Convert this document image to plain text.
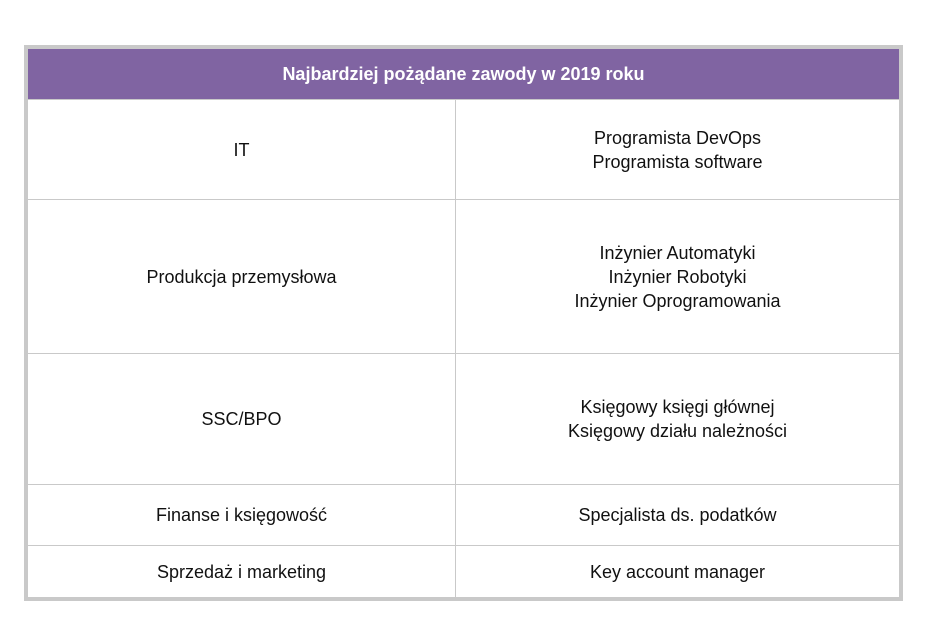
Najbardziej pożądane zawody w 2019 roku
IT
Programista DevOps
Programista software
Produkcja przemysłowa
Inżynier Automatyki
Inżynier Robotyki
Inżynier Oprogramowania
SSC/BPO
Księgowy księgi głównej
Księgowy działu należności
Finanse i księgowość	Specjalista ds. podatków
Sprzedaż i marketing	Key account manager
